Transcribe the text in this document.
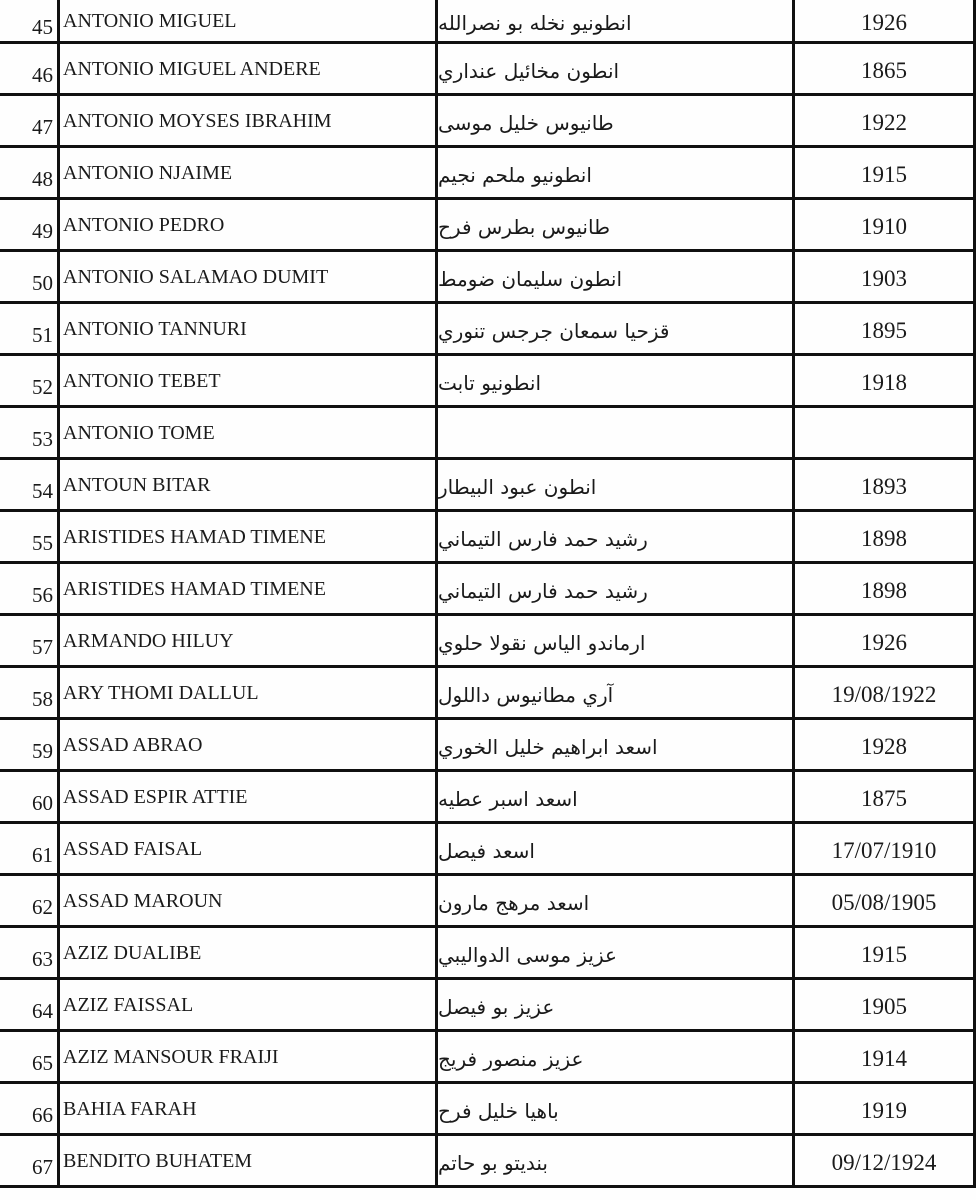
45 ANTONIO MIGUEL	انطونيو نخله بو نصرالله	1926
46 ANTONIO MIGUEL ANDERE	انطون مخائيل عنداري	1865
47 ANTONIO MOYSES IBRAHIM	طانيوس خليل موسى	1922
48 ANTONIO NJAIME	انطونيو ملحم نجيم	1915
49 ANTONIO PEDRO	طانيوس بطرس فرح	1910
50 ANTONIO SALAMAO DUMIT	انطون سليمان ضومط	1903
51 ANTONIO TANNURI	قزحيا سمعان جرجس تنوري	1895
52 ANTONIO TEBET	انطونيو تابت	1918
53 ANTONIO TOME
54 ANTOUN BITAR	انطون عبود البيطار	1893
55 ARISTIDES HAMAD TIMENE	رشيد حمد فارس التيماني	1898
56 ARISTIDES HAMAD TIMENE	رشيد حمد فارس التيماني	1898
57 ARMANDO HILUY	ارماندو الياس نقولا حلوي	1926
58 ARY THOMI DALLUL	آري مطانيوس داللول	19/08/1922
59 ASSAD ABRAO	اسعد ابراهيم خليل الخوري	1928
60 ASSAD ESPIR ATTIE	اسعد اسبر عطيه	1875
61 ASSAD FAISAL	اسعد فيصل	17/07/1910
62 ASSAD MAROUN	اسعد مرهج مارون	05/08/1905
63 AZIZ DUALIBE	عزيز موسى الدواليبي	1915
64 AZIZ FAISSAL	عزيز بو فيصل	1905
65 AZIZ MANSOUR FRAIJI	عزيز منصور فريج	1914
66 BAHIA FARAH	باهيا خليل فرح	1919
67 BENDITO BUHATEM	بنديتو بو حاتم	09/12/1924
